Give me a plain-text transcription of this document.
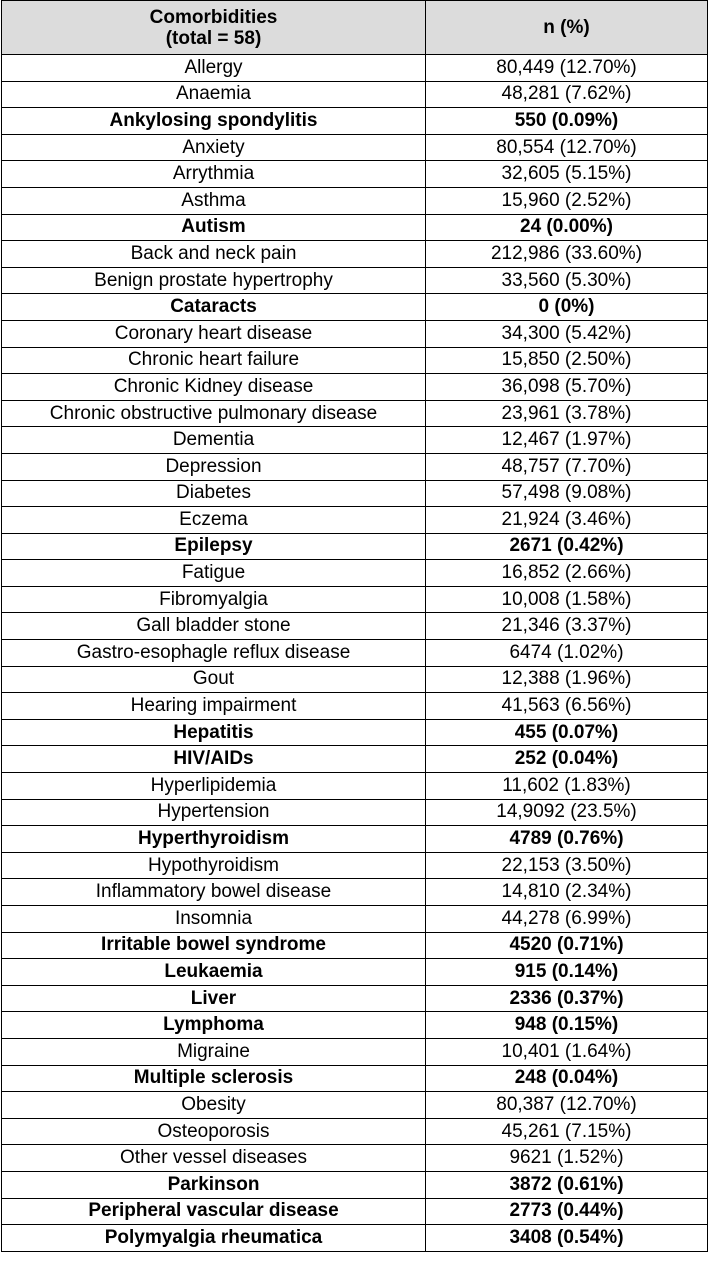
Comorbidities
(total = 58)	n (%)
Allergy	80,449 (12.70%)
Anaemia	48,281 (7.62%)
Ankylosing spondylitis	550 (0.09%)
Anxiety	80,554 (12.70%)
Arrythmia	32,605 (5.15%)
Asthma	15,960 (2.52%)
Autism	24 (0.00%)
Back and neck pain	212,986 (33.60%)
Benign prostate hypertrophy	33,560 (5.30%)
Cataracts	0 (0%)
Coronary heart disease	34,300 (5.42%)
Chronic heart failure	15,850 (2.50%)
Chronic Kidney disease	36,098 (5.70%)
Chronic obstructive pulmonary disease	23,961 (3.78%)
Dementia	12,467 (1.97%)
Depression	48,757 (7.70%)
Diabetes	57,498 (9.08%)
Eczema	21,924 (3.46%)
Epilepsy	2671 (0.42%)
Fatigue	16,852 (2.66%)
Fibromyalgia	10,008 (1.58%)
Gall bladder stone	21,346 (3.37%)
Gastro-esophagle reflux disease	6474 (1.02%)
Gout	12,388 (1.96%)
Hearing impairment	41,563 (6.56%)
Hepatitis	455 (0.07%)
HIV/AIDs	252 (0.04%)
Hyperlipidemia	11,602 (1.83%)
Hypertension	14,9092 (23.5%)
Hyperthyroidism	4789 (0.76%)
Hypothyroidism	22,153 (3.50%)
Inflammatory bowel disease	14,810 (2.34%)
Insomnia	44,278 (6.99%)
Irritable bowel syndrome	4520 (0.71%)
Leukaemia	915 (0.14%)
Liver	2336 (0.37%)
Lymphoma	948 (0.15%)
Migraine	10,401 (1.64%)
Multiple sclerosis	248 (0.04%)
Obesity	80,387 (12.70%)
Osteoporosis	45,261 (7.15%)
Other vessel diseases	9621 (1.52%)
Parkinson	3872 (0.61%)
Peripheral vascular disease	2773 (0.44%)
Polymyalgia rheumatica	3408 (0.54%)
